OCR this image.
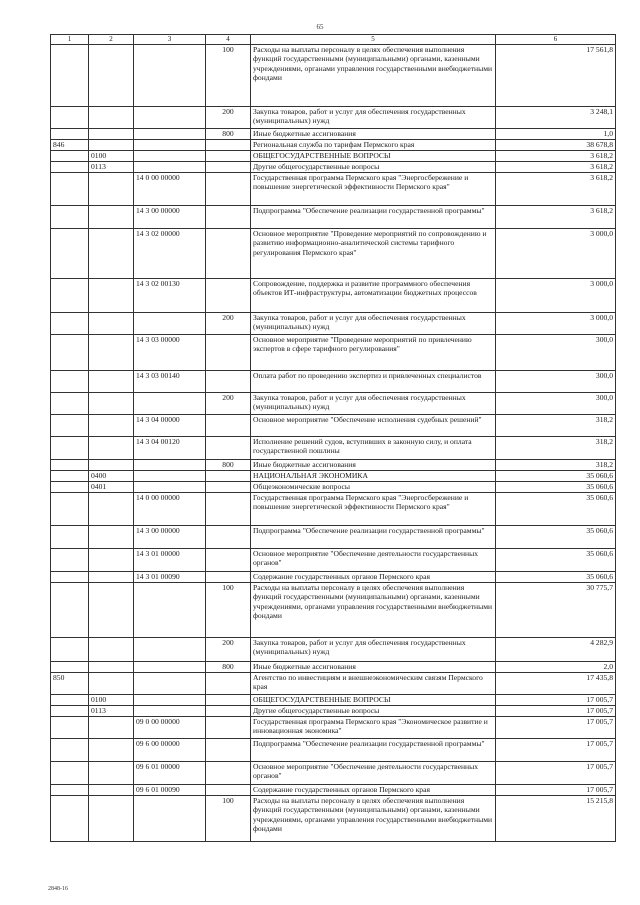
65
1	2	3	4	5	6
			100	Расходы на выплаты персоналу в целях обеспечения выполнения функций государственными (муниципальными) органами, казенными учреждениями, органами управления государственными внебюджетными фондами	17 561,8
			200	Закупка товаров, работ и услуг для обеспечения государственных (муниципальных) нужд	3 248,1
			800	Иные бюджетные ассигнования	1,0
846				Региональная служба по тарифам Пермского края	38 678,8
	0100			ОБЩЕГОСУДАРСТВЕННЫЕ ВОПРОСЫ	3 618,2
	0113			Другие общегосударственные вопросы	3 618,2
		14 0 00 00000		Государственная программа Пермского края "Энергосбережение и повышение энергетической эффективности Пермского края"	3 618,2
		14 3 00 00000		Подпрограмма "Обеспечение реализации государственной программы"	3 618,2
		14 3 02 00000		Основное мероприятие "Проведение мероприятий по сопровождению и развитию информационно-аналитической системы тарифного регулирования Пермского края"	3 000,0
		14 3 02 00130		Сопровождение, поддержка и развитие программного обеспечения объектов ИТ-инфраструктуры, автоматизации бюджетных процессов	3 000,0
			200	Закупка товаров, работ и услуг для обеспечения государственных (муниципальных) нужд	3 000,0
		14 3 03 00000		Основное мероприятие "Проведение мероприятий по привлечению экспертов в сфере тарифного регулирования"	300,0
		14 3 03 00140		Оплата работ по проведению экспертиз и привлеченных специалистов	300,0
			200	Закупка товаров, работ и услуг для обеспечения государственных (муниципальных) нужд	300,0
		14 3 04 00000		Основное мероприятие "Обеспечение исполнения судебных решений"	318,2
		14 3 04 00120		Исполнение решений судов, вступивших в законную силу, и оплата государственной пошлины	318,2
			800	Иные бюджетные ассигнования	318,2
	0400			НАЦИОНАЛЬНАЯ ЭКОНОМИКА	35 060,6
	0401			Общеэкономические вопросы	35 060,6
		14 0 00 00000		Государственная программа Пермского края "Энергосбережение и повышение энергетической эффективности Пермского края"	35 060,6
		14 3 00 00000		Подпрограмма "Обеспечение реализации государственной программы"	35 060,6
		14 3 01 00000		Основное мероприятие "Обеспечение деятельности государственных органов"	35 060,6
		14 3 01 00090		Содержание государственных органов Пермского края	35 060,6
			100	Расходы на выплаты персоналу в целях обеспечения выполнения функций государственными (муниципальными) органами, казенными учреждениями, органами управления государственными внебюджетными фондами	30 775,7
			200	Закупка товаров, работ и услуг для обеспечения государственных (муниципальных) нужд	4 282,9
			800	Иные бюджетные ассигнования	2,0
850				Агентство по инвестициям и внешнеэкономическим связям Пермского края	17 435,8
	0100			ОБЩЕГОСУДАРСТВЕННЫЕ ВОПРОСЫ	17 005,7
	0113			Другие общегосударственные вопросы	17 005,7
		09 0 00 00000		Государственная программа Пермского края "Экономическое развитие и инновационная экономика"	17 005,7
		09 6 00 00000		Подпрограмма "Обеспечение реализации государственной программы"	17 005,7
		09 6 01 00000		Основное мероприятие "Обеспечение деятельности государственных органов"	17 005,7
		09 6 01 00090		Содержание государственных органов Пермского края	17 005,7
			100	Расходы на выплаты персоналу в целях обеспечения выполнения функций государственными (муниципальными) органами, казенными учреждениями, органами управления государственными внебюджетными фондами	15 215,8
2848-16
